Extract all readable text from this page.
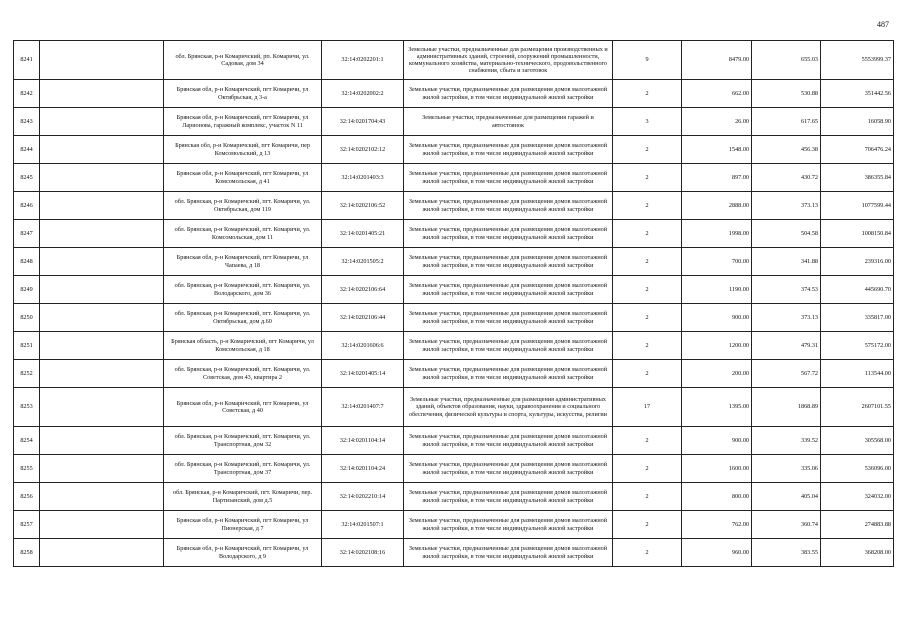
487
8241		обл. Брянская, р-н Комаричский, рп. Комаричи, ул. Садовая, дом 34	32:14:0202201:1	Земельные участки, предназначенные для размещения производственных и административных зданий, строений, сооружений промышленности, коммунального хозяйства, материально-технического, продовольственного снабжения, сбыта и заготовок	9	8479.00	655.03	5553999.37
8242		Брянская обл, р-н Комаричский, пгт Комаричи, ул Октябрьская, д 3-а	32:14:0202002:2	Земельные участки, предназначенные для размещения домов малоэтажной жилой застройки, в том числе индивидуальной жилой застройки	2	662.00	530.88	351442.56
8243		Брянская обл, р-н Комаричский, пгт Комаричи, ул Ларионова, гаражный комплекс, участок N 11	32:14:0201704:43	Земельные участки, предназначенные для размещения гаражей и автостоянок	3	26.00	617.65	16058.90
8244		Брянская обл, р-н Комаричский, пгт Комаричи, пер Комсомольский, д 13	32:14:0202102:12	Земельные участки, предназначенные для размещения домов малоэтажной жилой застройки, в том числе индивидуальной жилой застройки	2	1548.00	456.38	706476.24
8245		Брянская обл, р-н Комаричский, пгт Комаричи, ул Комсомольская, д 41	32:14:0201403:3	Земельные участки, предназначенные для размещения домов малоэтажной жилой застройки, в том числе индивидуальной жилой застройки	2	897.00	430.72	386355.84
8246		обл. Брянская, р-н Комаричский, пгт. Комаричи, ул. Октябрьская, дом 119	32:14:0202106:52	Земельные участки, предназначенные для размещения домов малоэтажной жилой застройки, в том числе индивидуальной жилой застройки	2	2888.00	373.13	1077599.44
8247		обл. Брянская, р-н Комаричский, пгт. Комаричи, ул. Комсомольская, дом 11	32:14:0201405:21	Земельные участки, предназначенные для размещения домов малоэтажной жилой застройки, в том числе индивидуальной жилой застройки	2	1998.00	504.58	1008150.84
8248		Брянская обл, р-н Комаричский, пгт Комаричи, ул Чапаева, д 18	32:14:0201505:2	Земельные участки, предназначенные для размещения домов малоэтажной жилой застройки, в том числе индивидуальной жилой застройки	2	700.00	341.88	239316.00
8249		обл. Брянская, р-н Комаричский, пгт. Комаричи, ул. Володарского, дом 36	32:14:0202106:64	Земельные участки, предназначенные для размещения домов малоэтажной жилой застройки, в том числе индивидуальной жилой застройки	2	1190.00	374.53	445690.70
8250		обл. Брянская, р-н Комаричский, пгт. Комаричи, ул. Октябрьская, дом д.60	32:14:0202106:44	Земельные участки, предназначенные для размещения домов малоэтажной жилой застройки, в том числе индивидуальной жилой застройки	2	900.00	373.13	335817.00
8251		Брянская область, р-н Комаричский, пгт Комаричи, ул Комсомольская, д 18	32:14:0201606:6	Земельные участки, предназначенные для размещения домов малоэтажной жилой застройки, в том числе индивидуальной жилой застройки	2	1200.00	479.31	575172.00
8252		обл. Брянская, р-н Комаричский, пгт. Комаричи, ул. Советская, дом 43, квартира 2	32:14:0201405:14	Земельные участки, предназначенные для размещения домов малоэтажной жилой застройки, в том числе индивидуальной жилой застройки	2	200.00	567.72	113544.00
8253		Брянская обл, р-н Комаричский, пгт Комаричи, ул Советская, д 40	32:14:0201407:7	Земельные участки, предназначенные для размещения административных зданий, объектов образования, науки, здравоохранения и социального обеспечения, физической культуры и спорта, культуры, искусства, религии	17	1395.00	1868.89	2607101.55
8254		обл. Брянская, р-н Комаричский, пгт. Комаричи, ул. Транспортная, дом 32	32:14:0201104:14	Земельные участки, предназначенные для размещения домов малоэтажной жилой застройки, в том числе индивидуальной жилой застройки	2	900.00	339.52	305568.00
8255		обл. Брянская, р-н Комаричский, пгт. Комаричи, ул. Транспортная, дом 37	32:14:0201104:24	Земельные участки, предназначенные для размещения домов малоэтажной жилой застройки, в том числе индивидуальной жилой застройки	2	1600.00	335.06	536096.00
8256		обл. Брянская, р-н Комаричский, пгт. Комаричи, пер. Партизанский, дом д.5	32:14:0202210:14	Земельные участки, предназначенные для размещения домов малоэтажной жилой застройки, в том числе индивидуальной жилой застройки	2	800.00	405.04	324032.00
8257		Брянская обл, р-н Комаричский, пгт Комаричи, ул Пионерская, д 7	32:14:0201507:1	Земельные участки, предназначенные для размещения домов малоэтажной жилой застройки, в том числе индивидуальной жилой застройки	2	762.00	360.74	274883.88
8258		Брянская обл, р-н Комаричский, пгт Комаричи, ул Володарского, д 9	32:14:0202108:16	Земельные участки, предназначенные для размещения домов малоэтажной жилой застройки, в том числе индивидуальной жилой застройки	2	960.00	383.55	368208.00
